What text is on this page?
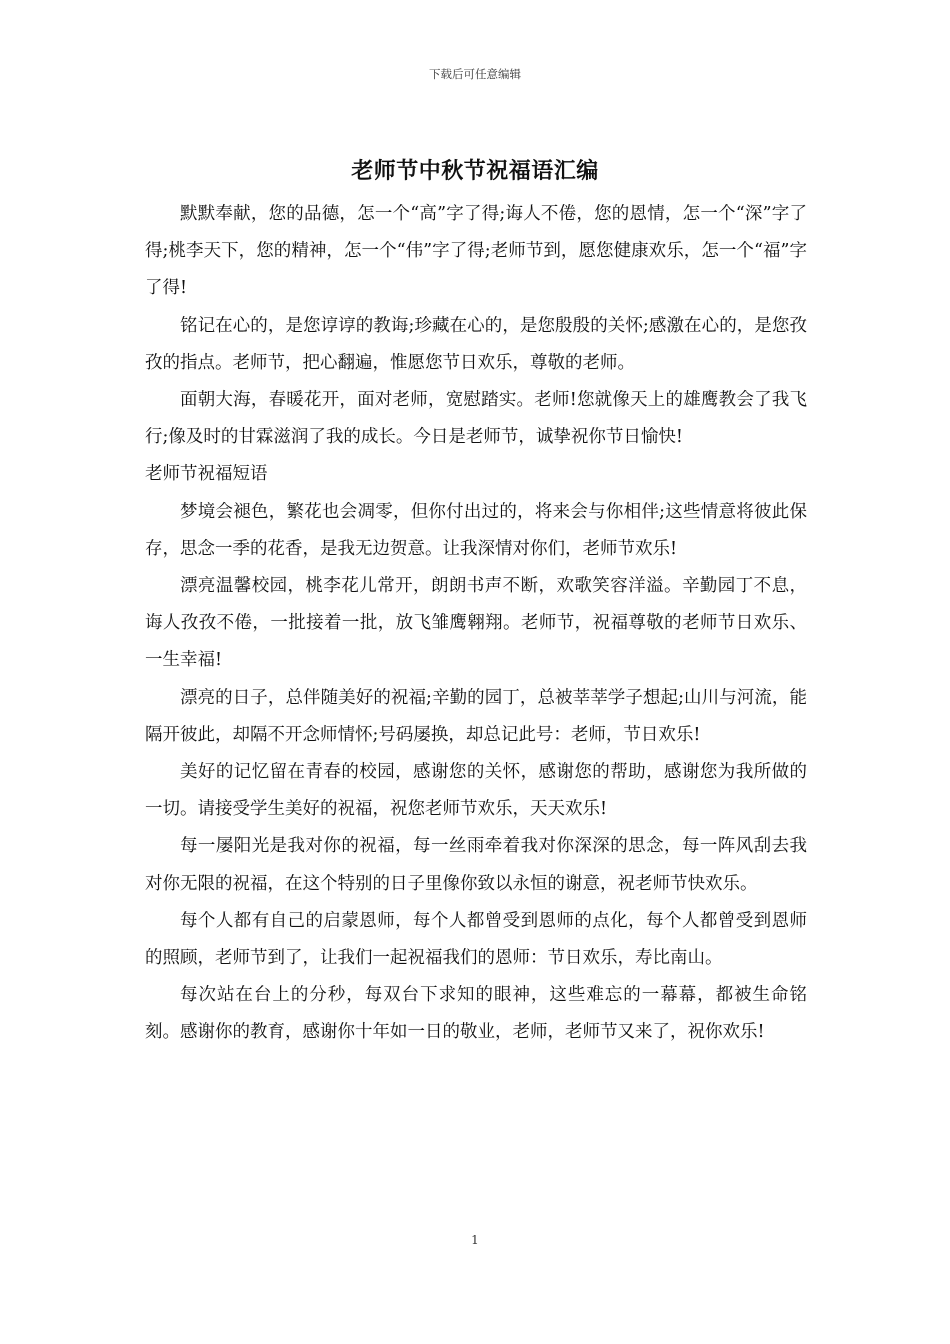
下载后可任意编辑
老师节中秋节祝福语汇编

默默奉献，您的品德，怎一个“高”字了得;诲人不倦，您的恩情，怎一个“深”字了得;桃李天下，您的精神，怎一个“伟”字了得;老师节到，愿您健康欢乐，怎一个“福”字了得!

铭记在心的，是您谆谆的教诲;珍藏在心的，是您殷殷的关怀;感激在心的，是您孜孜的指点。老师节，把心翻遍，惟愿您节日欢乐，尊敬的老师。

面朝大海，春暖花开，面对老师，宽慰踏实。老师!您就像天上的雄鹰教会了我飞行;像及时的甘霖滋润了我的成长。今日是老师节，诚挚祝你节日愉快!

老师节祝福短语

梦境会褪色，繁花也会凋零，但你付出过的，将来会与你相伴;这些情意将彼此保存，思念一季的花香，是我无边贺意。让我深情对你们，老师节欢乐!

漂亮温馨校园，桃李花儿常开，朗朗书声不断，欢歌笑容洋溢。辛勤园丁不息，诲人孜孜不倦，一批接着一批，放飞雏鹰翱翔。老师节，祝福尊敬的老师节日欢乐、一生幸福!

漂亮的日子，总伴随美好的祝福;辛勤的园丁，总被莘莘学子想起;山川与河流，能隔开彼此，却隔不开念师情怀;号码屡换，却总记此号：老师，节日欢乐!

美好的记忆留在青春的校园，感谢您的关怀，感谢您的帮助，感谢您为我所做的一切。请接受学生美好的祝福，祝您老师节欢乐，天天欢乐!

每一屡阳光是我对你的祝福，每一丝雨牵着我对你深深的思念，每一阵风刮去我对你无限的祝福，在这个特别的日子里像你致以永恒的谢意，祝老师节快欢乐。

每个人都有自己的启蒙恩师，每个人都曾受到恩师的点化，每个人都曾受到恩师的照顾，老师节到了，让我们一起祝福我们的恩师：节日欢乐，寿比南山。

每次站在台上的分秒，每双台下求知的眼神，这些难忘的一幕幕，都被生命铭刻。感谢你的教育，感谢你十年如一日的敬业，老师，老师节又来了，祝你欢乐!

1
